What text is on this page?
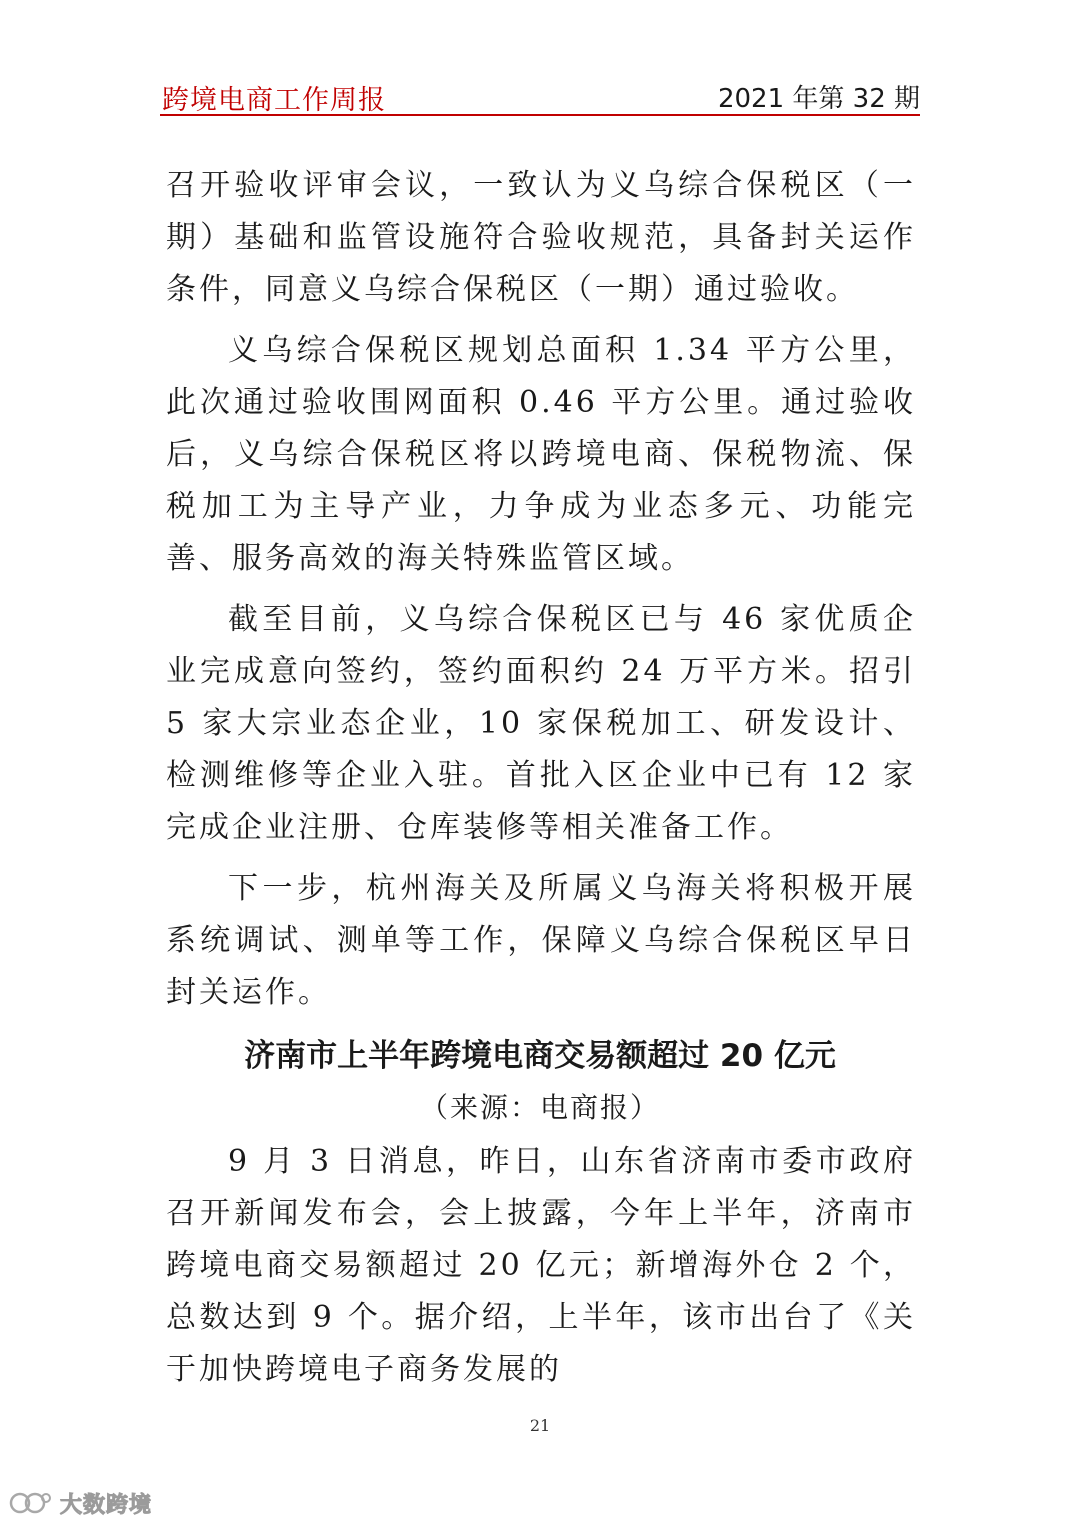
跨境电商工作周报	2021 年第 32 期

召开验收评审会议，一致认为义乌综合保税区（一期）基础和监管设施符合验收规范，具备封关运作条件，同意义乌综合保税区（一期）通过验收。

义乌综合保税区规划总面积 1.34 平方公里，此次通过验收围网面积 0.46 平方公里。通过验收后，义乌综合保税区将以跨境电商、保税物流、保税加工为主导产业，力争成为业态多元、功能完善、服务高效的海关特殊监管区域。

截至目前，义乌综合保税区已与 46 家优质企业完成意向签约，签约面积约 24 万平方米。招引 5 家大宗业态企业，10 家保税加工、研发设计、检测维修等企业入驻。首批入区企业中已有 12 家完成企业注册、仓库装修等相关准备工作。

下一步，杭州海关及所属义乌海关将积极开展系统调试、测单等工作，保障义乌综合保税区早日封关运作。

济南市上半年跨境电商交易额超过 20 亿元
（来源：电商报）

9 月 3 日消息，昨日，山东省济南市委市政府召开新闻发布会，会上披露，今年上半年，济南市跨境电商交易额超过 20 亿元；新增海外仓 2 个，总数达到 9 个。据介绍，上半年，该市出台了《关于加快跨境电子商务发展的

21
大数跨境
